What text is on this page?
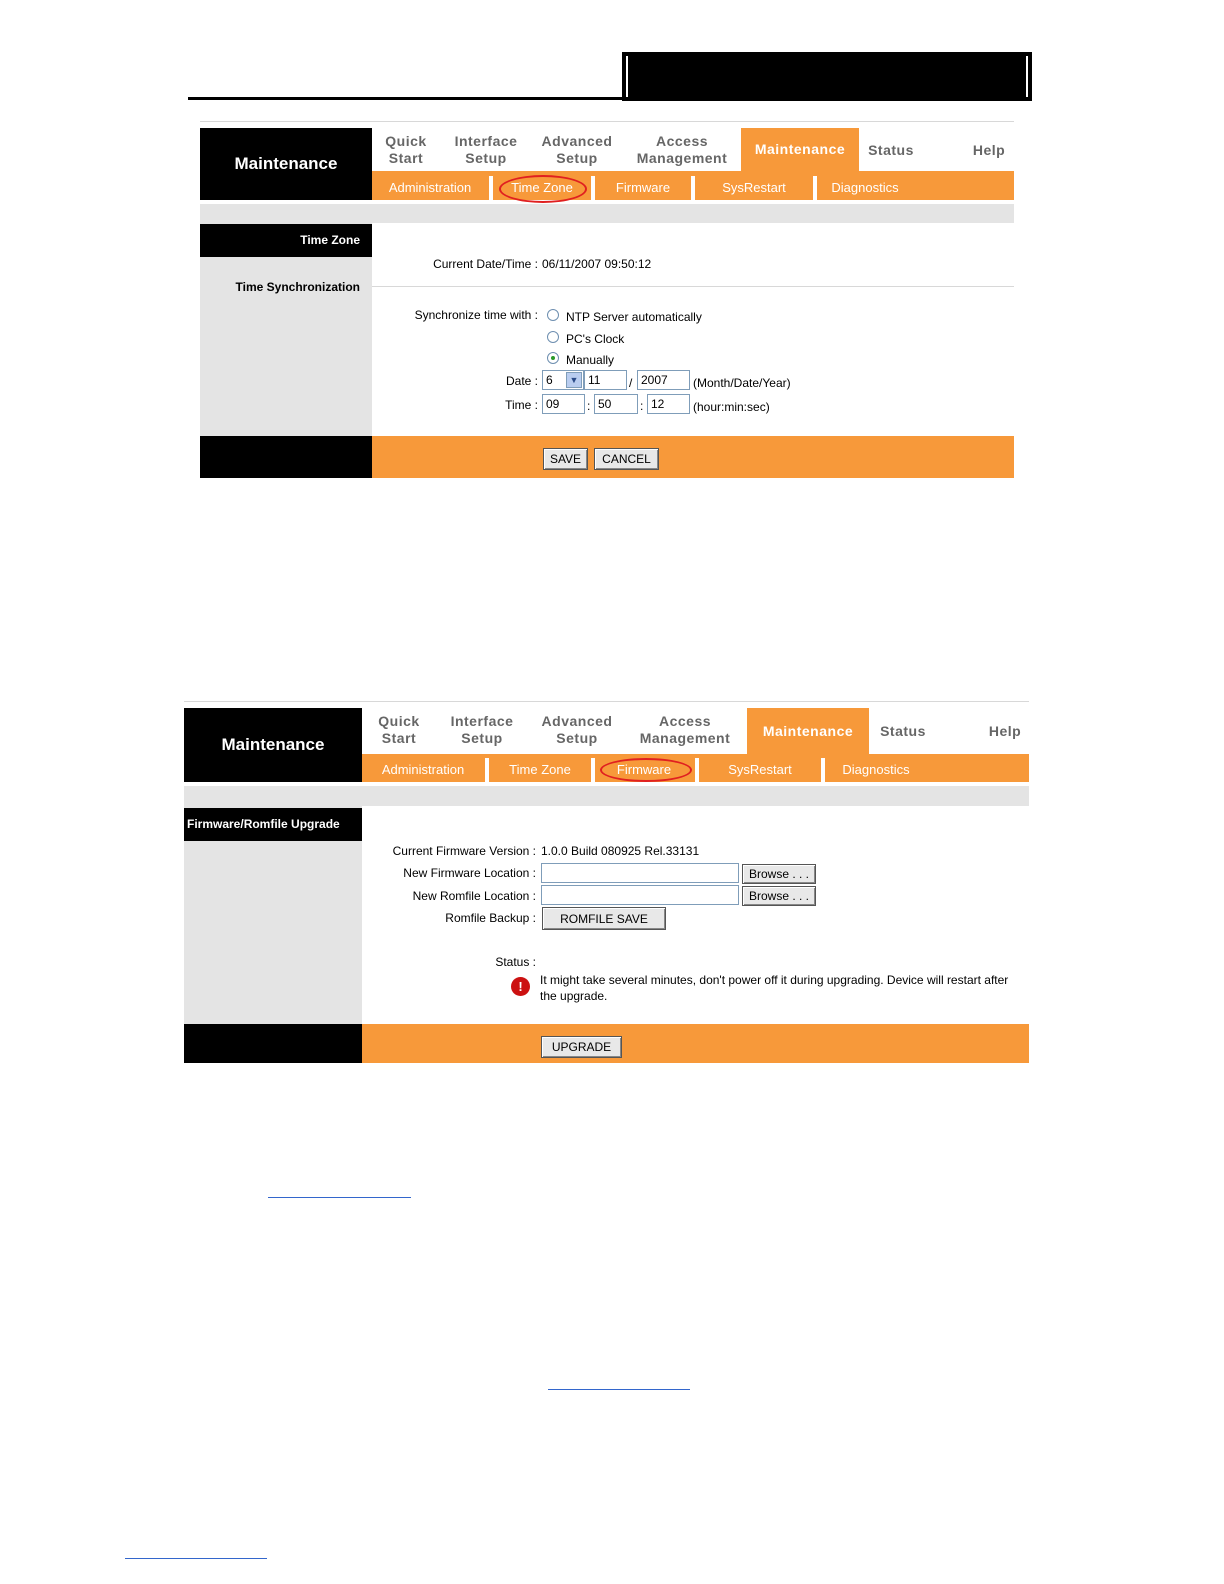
Maintenance
Quick
Start
Interface
Setup
Advanced
Setup
Access
Management
Maintenance Status	Help
Administration	Time Zone	Firmware	SysRestart	Diagnostics
Time Zone
Time Synchronization
Current Date/Time : 06/11/2007 09:50:12
Synchronize time with : NTP Server automatically
PC's Clock
Manually
Date : 6	▼ 11 / 2007 (Month/Date/Year)
Time : 09 : 50 : 12 (hour:min:sec)
SAVE	CANCEL
Maintenance
Quick
Start
Interface
Setup
Advanced
Setup
Access
Management Maintenance Status	Help
Administration	Time Zone	Firmware	SysRestart	Diagnostics
Firmware/Romfile Upgrade
Current Firmware Version : 1.0.0 Build 080925 Rel.33131
New Firmware Location :	Browse . . .
New Romfile Location :	Browse . . .
Romfile Backup :	ROMFILE SAVE
Status :
!	It might take several minutes, don't power off it during upgrading. Device will restart after
the upgrade.
UPGRADE
